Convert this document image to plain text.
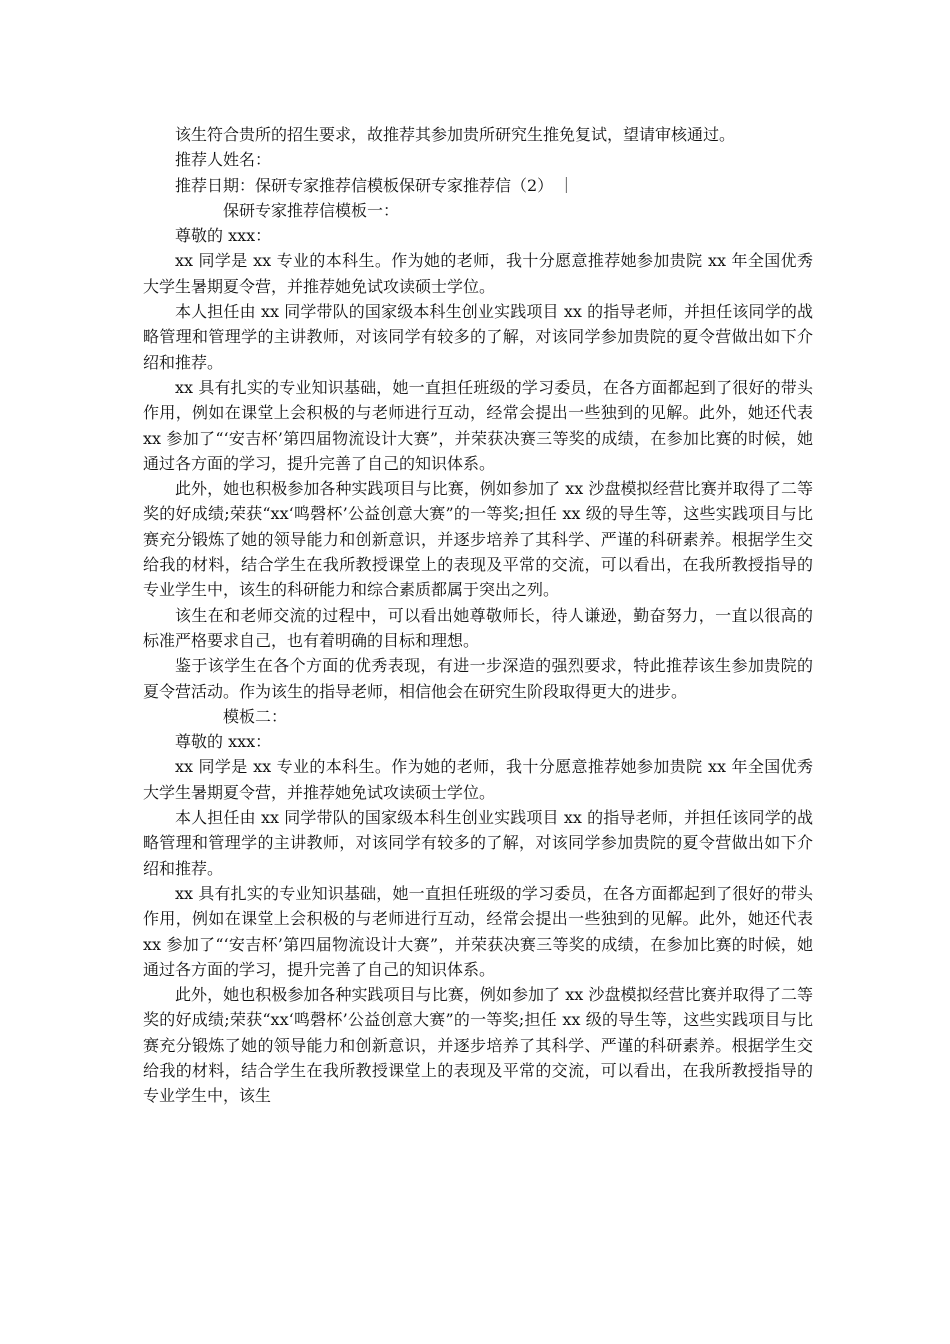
该生符合贵所的招生要求，故推荐其参加贵所研究生推免复试，望请审核通过。

推荐人姓名：

推荐日期：保研专家推荐信模板保研专家推荐信（2） ｜

保研专家推荐信模板一：

尊敬的 xxx：

xx 同学是 xx 专业的本科生。作为她的老师，我十分愿意推荐她参加贵院 xx 年全国优秀大学生暑期夏令营，并推荐她免试攻读硕士学位。

本人担任由 xx 同学带队的国家级本科生创业实践项目 xx 的指导老师，并担任该同学的战略管理和管理学的主讲教师，对该同学有较多的了解，对该同学参加贵院的夏令营做出如下介绍和推荐。

xx 具有扎实的专业知识基础，她一直担任班级的学习委员，在各方面都起到了很好的带头作用，例如在课堂上会积极的与老师进行互动，经常会提出一些独到的见解。此外，她还代表 xx 参加了“‘安吉杯’第四届物流设计大赛”，并荣获决赛三等奖的成绩，在参加比赛的时候，她通过各方面的学习，提升完善了自己的知识体系。

此外，她也积极参加各种实践项目与比赛，例如参加了 xx 沙盘模拟经营比赛并取得了二等奖的好成绩;荣获“xx‘鸣磬杯’公益创意大赛”的一等奖;担任 xx 级的导生等，这些实践项目与比赛充分锻炼了她的领导能力和创新意识，并逐步培养了其科学、严谨的科研素养。根据学生交给我的材料，结合学生在我所教授课堂上的表现及平常的交流，可以看出，在我所教授指导的专业学生中，该生的科研能力和综合素质都属于突出之列。

该生在和老师交流的过程中，可以看出她尊敬师长，待人谦逊，勤奋努力，一直以很高的标准严格要求自己，也有着明确的目标和理想。

鉴于该学生在各个方面的优秀表现，有进一步深造的强烈要求，特此推荐该生参加贵院的夏令营活动。作为该生的指导老师，相信他会在研究生阶段取得更大的进步。

模板二：

尊敬的 xxx：

xx 同学是 xx 专业的本科生。作为她的老师，我十分愿意推荐她参加贵院 xx 年全国优秀大学生暑期夏令营，并推荐她免试攻读硕士学位。

本人担任由 xx 同学带队的国家级本科生创业实践项目 xx 的指导老师，并担任该同学的战略管理和管理学的主讲教师，对该同学有较多的了解，对该同学参加贵院的夏令营做出如下介绍和推荐。

xx 具有扎实的专业知识基础，她一直担任班级的学习委员，在各方面都起到了很好的带头作用，例如在课堂上会积极的与老师进行互动，经常会提出一些独到的见解。此外，她还代表 xx 参加了“‘安吉杯’第四届物流设计大赛”，并荣获决赛三等奖的成绩，在参加比赛的时候，她通过各方面的学习，提升完善了自己的知识体系。

此外，她也积极参加各种实践项目与比赛，例如参加了 xx 沙盘模拟经营比赛并取得了二等奖的好成绩;荣获“xx‘鸣磬杯’公益创意大赛”的一等奖;担任 xx 级的导生等，这些实践项目与比赛充分锻炼了她的领导能力和创新意识，并逐步培养了其科学、严谨的科研素养。根据学生交给我的材料，结合学生在我所教授课堂上的表现及平常的交流，可以看出，在我所教授指导的专业学生中，该生
